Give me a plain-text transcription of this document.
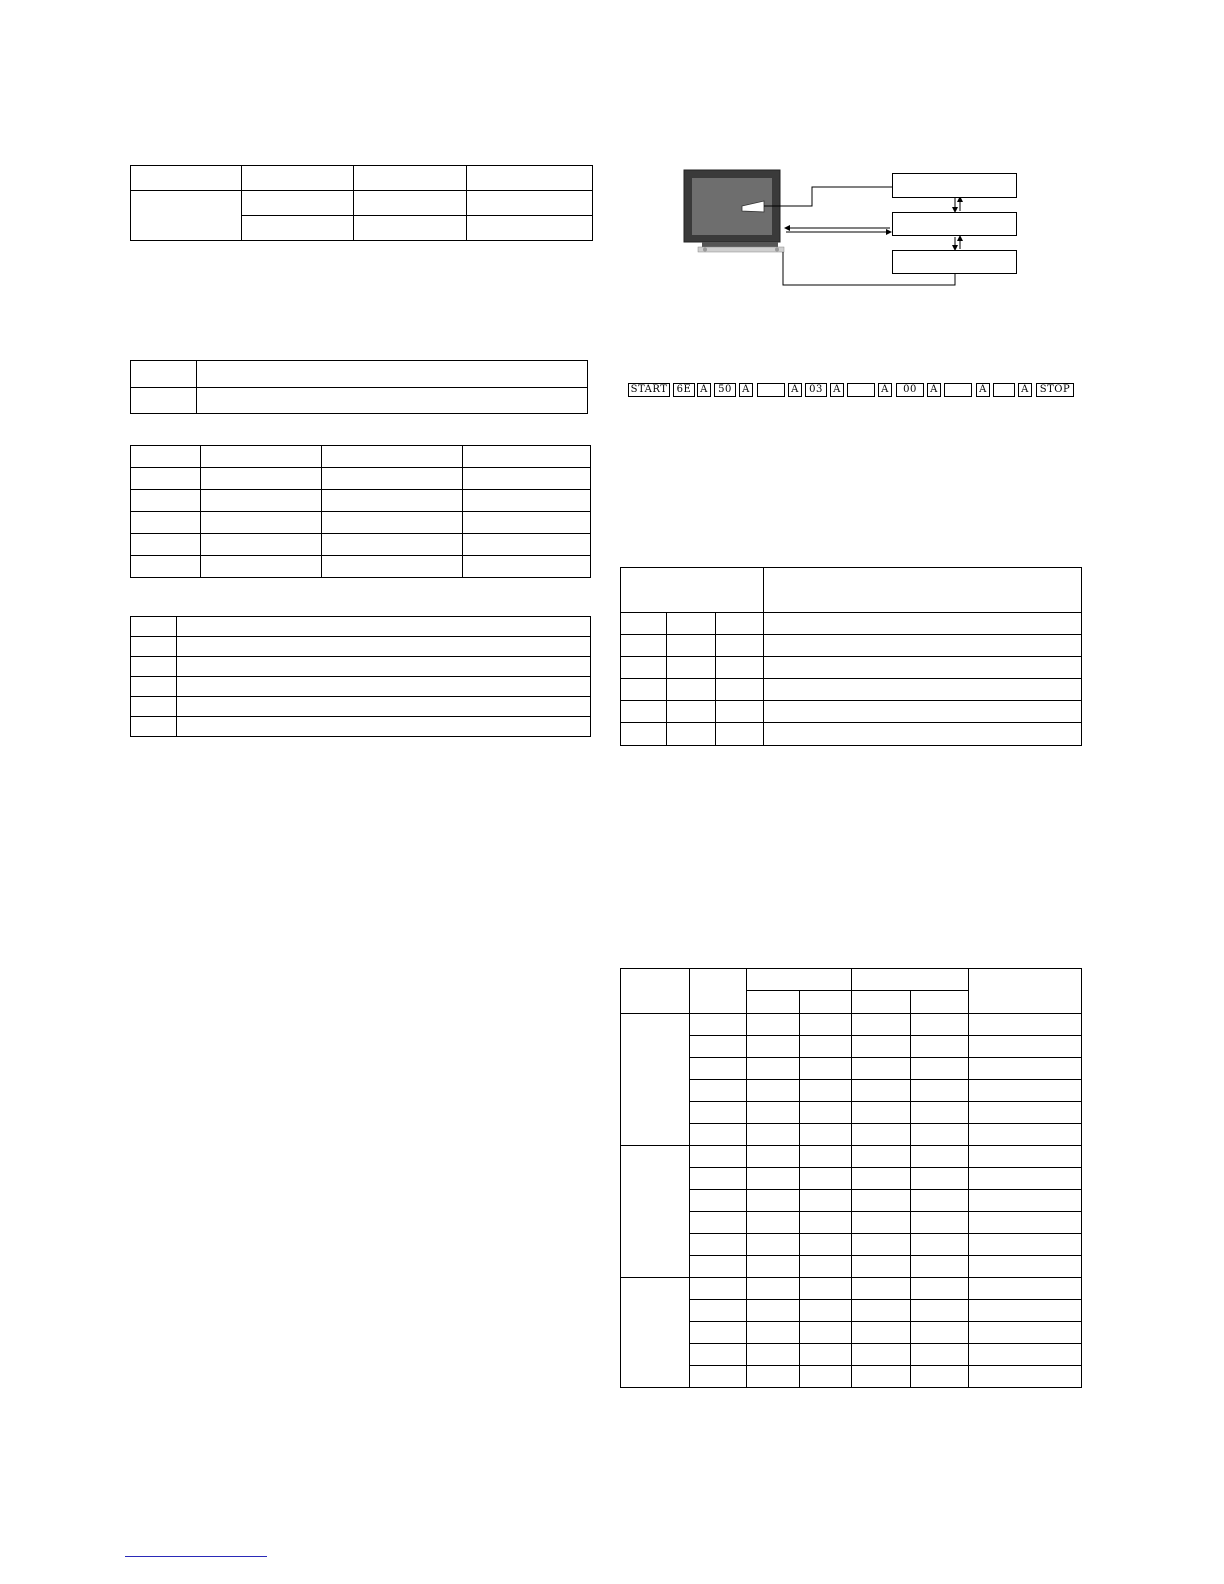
START 6E A	50	A	A	03	A	A	00	A	A	A	STOP
